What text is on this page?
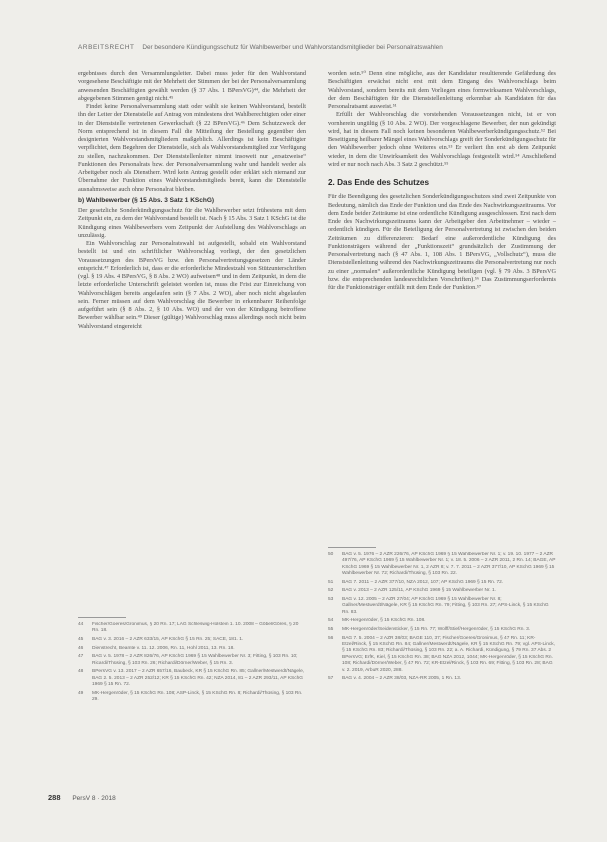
ARBEITSRECHT Der besondere Kündigungsschutz für Wahlbewerber und Wahlvorstandsmitglieder bei Personalratswahlen

ergebnisses durch den Versammlungsleiter. Dabei muss jeder für den Wahlvorstand vorgesehene Beschäftigte mit der Mehrheit der Stimmen der bei der Personalversammlung anwesenden Beschäftigten gewählt werden (§ 37 Abs. 1 BPersVG)⁴⁴, die Mehrheit der abgegebenen Stimmen genügt nicht.⁴⁵

Findet keine Personalversammlung statt oder wählt sie keinen Wahlvorstand, bestellt ihn der Leiter der Dienststelle auf Antrag von mindestens drei Wahlberechtigten oder einer in der Dienststelle vertretenen Gewerkschaft (§ 22 BPersVG).⁴⁶ Dem Schutzzweck der Norm entsprechend ist in diesem Fall die Mitteilung der Bestellung gegenüber den designierten Wahlvorstandsmitgliedern maßgeblich. Allerdings ist kein Beschäftigter verpflichtet, dem Begehren der Dienststelle, sich als Wahlvorstandsmitglied zur Verfügung zu stellen, nachzukommen. Der Dienststellenleiter nimmt insoweit nur „ersatzweise“ Funktionen des Personalrats bzw. der Personalversammlung wahr und handelt weder als Arbeitgeber noch als Dienstherr. Wird kein Antrag gestellt oder erklärt sich niemand zur Übernahme der Funktion eines Wahlvorstandsmitglieds bereit, kann die Dienststelle ausnahmsweise auch ohne Personalrat bleiben.

b) Wahlbewerber (§ 15 Abs. 3 Satz 1 KSchG)

Der gesetzliche Sonderkündigungsschutz für die Wahlbewerber setzt frühestens mit dem Zeitpunkt ein, zu dem der Wahlvorstand bestellt ist. Nach § 15 Abs. 3 Satz 1 KSchG ist die Kündigung eines Wahlbewerbers vom Zeitpunkt der Aufstellung des Wahlvorschlags an unzulässig.

Ein Wahlvorschlag zur Personalratswahl ist aufgestellt, sobald ein Wahlvorstand bestellt ist und ein schriftlicher Wahlvorschlag vorliegt, der den gesetzlichen Voraussetzungen des BPersVG bzw. den Personalvertretungsgesetzen der Länder entspricht.⁴⁷ Erforderlich ist, dass er die erforderliche Mindestzahl von Stützunterschriften (vgl. § 19 Abs. 4 BPersVG, § 8 Abs. 2 WO) aufweisen⁴⁸ und in dem Zeitpunkt, in dem die letzte erforderliche Unterschrift geleistet worden ist, muss die Frist zur Einreichung von Wahlvorschlägen bereits angelaufen sein (§ 7 Abs. 2 WO), aber noch nicht abgelaufen sein. Ferner müssen auf dem Wahlvorschlag die Bewerber in erkennbarer Reihenfolge aufgeführt sein (§ 8 Abs. 2, § 10 Abs. WO) und der von der Kündigung betroffene Bewerber wählbar sein.⁴⁹ Dieser (gültige) Wahlvorschlag muss allerdings noch nicht beim Wahlvorstand eingereicht

worden sein.⁵⁰ Denn eine mögliche, aus der Kandidatur resultierende Gefährdung des Beschäftigten erwächst nicht erst mit dem Eingang des Wahlvorschlags beim Wahlvorstand, sondern bereits mit dem Vorliegen eines formwirksamen Wahlvorschlags, der dem Beschäftigten für die Dienststellenleitung erkennbar als Kandidaten für das Personalratsamt ausweist.⁵¹

Erfüllt der Wahlvorschlag die vorstehenden Voraussetzungen nicht, ist er von vornherein ungültig (§ 10 Abs. 2 WO). Der vorgeschlagene Bewerber, der nun gekündigt wird, hat in diesem Fall noch keinen besonderen Wahlbewerberkündigungsschutz.⁵² Bei Beseitigung heilbarer Mängel eines Wahlvorschlags greift der Sonderkündigungsschutz für den Wahlbewerber jedoch ohne Weiteres ein.⁵³ Er verliert ihn erst ab dem Zeitpunkt wieder, in dem die Unwirksamkeit des Wahlvorschlags festgestellt wird.⁵⁴ Anschließend wird er nur noch nach Abs. 3 Satz 2 geschützt.⁵⁵

2. Das Ende des Schutzes

Für die Beendigung des gesetzlichen Sonderkündigungsschutzes sind zwei Zeitpunkte von Bedeutung, nämlich das Ende der Funktion und das Ende des Nachwirkungszeitraums. Vor dem Ende beider Zeiträume ist eine ordentliche Kündigung ausgeschlossen. Erst nach dem Ende des Nachwirkungszeitraums kann der Arbeitgeber den Arbeitnehmer – wieder – ordentlich kündigen. Für die Beteiligung der Personalvertretung ist zwischen den beiden Zeiträumen zu differenzieren: Bedarf eine außerordentliche Kündigung des Funktionsträgers während der „Funktionszeit“ grundsätzlich der Zustimmung der Personalvertretung nach (§ 47 Abs. 1, 108 Abs. 1 BPersVG, „Vollschutz“), muss die Dienststellenleitung während des Nachwirkungszeitraums die Personalvertretung nur noch zu einer „normalen“ außerordentliche Kündigung beteiligen (vgl. § 79 Abs. 3 BPersVG bzw. die entsprechenden landesrechtlichen Vorschriften).⁵⁶ Das Zustimmungserfordernis für die Funktionsträger entfällt mit dem Ende der Funktion.⁵⁷

44	Fischer/Goeres/Gronimus, § 20 Rn. 17; LAG Schleswig-Holstein 1. 10. 2008 – Göbel/Göres, § 20 Rn. 18.
45	BAG v. 3. 2016 – 2 AZR 633/15, AP KSchG § 15 Rn. 25; SACE, 181. 1.
46	Dienstrecht, Beamte v. 11. 12. 2006, Rn. 11, Hohl 2011, 13. Rn. 18.
47	BAG v. 5. 1978 – 2 AZR 826/76, AP KSchG 1969 § 15 Wahlbewerber Nr. 3; Fitting, § 103 Rn. 10; Ricardi/Thüsing, § 103 Rn. 26; Richardi/Dörner/Weber, § 15 Rn. 3.
48	BPersVG v. 13. 2017 – 2 AZR 657/16, Baubeck, KR § 15 KSchG Rn. 85; Gallner/Mestwerdt/Nägele, BAG 2. 5. 2013 – 2 AZR 252/12; KR § 15 KSchG Rn. 42; NZA 2014, 81 – 2 AZR 293/11, AP KSchG 1969 § 15 Rn. 72.
49	MK-Hergenröder, § 15 KSchG Rn. 108; ASP-Linck, § 15 KSchG Rn. 8; Richardi/Thüsing, § 103 Rn. 29.
50	BAG v. 5. 1976 – 2 AZR 226/76, AP KSchG 1969 § 15 Wahlbewerber Nr. 1; v. 19. 10. 1977 – 2 AZR 497/76, AP KSchG 1969 § 15 Wahlbewerber Nr. 1; v. 18. 5. 2006 – 2 AZR 2011, 2 Rn. 14; BAGE, AP KSchG 1969 § 15 Wahlbewerber Nr. 1, 2 AZR 8; v. 7. 7. 2011 – 2 AZR 377/10, AP KSchG 1969 § 15 Wahlbewerber Nr. 72; Richardi/Thüsing, § 103 Rn. 22.
51	BAG 7. 2011 – 2 AZR 377/10, NZA 2012, 107; AP KSchG 1969 § 15 Rn. 72.
52	BAG v. 2013 – 2 AZR 125/11, AP KSchG 1969 § 15 Wahlbewerber Nr. 1.
53	BAG v. 12. 2005 – 2 AZR 27/04; AP KSchG 1969 § 15 Wahlbewerber Nr. 8; Gallner/Mestwerdt/Nägele, KR § 15 KSchG Rn. 79; Fitting, § 103 Rn. 27; APS-Linck, § 15 KSchG Rn. 83.
54	MK-Hergenröder, § 15 KSchG Rn. 108.
55	MK-Hergenröder/Seidensticker, § 15 Rn. 77; Wolff/Stief/Hergenröder, § 15 KSchG Rn. 3.
56	BAG 7. 5. 2004 – 2 AZR 38/03; BAGE 110, 37; Fischer/Goeres/Gronimus, § 47 Rn. 11; KR-Etzel/Rinck, § 15 KSchG Rn. 84; Gallner/Mestwerdt/Nägele, KR § 15 KSchG Rn. 79; vgl. APS-Linck, § 15 KSchG Rn. 83; Richardi/Thüsing, § 103 Rn. 22; a. A. Richardi, Kündigung, § 79 Rn. 37 Abs. 2 BPersVG; ErfK, Kiel, § 15 KSchG Rn. 38; BAG NZA 2012, 1044; MK-Hergenröder, § 15 KSchG Rn. 108; Richardi/Dörner/Weber, § 47 Rn. 72; KR-Etzel/Rinck, § 103 Rn. 69; Fitting, § 103 Rn. 28; BAG v. 2. 2019, ArbuR 2020, 288.
57	BAG v. 4. 2004 – 2 AZR 38/03, NZA-RR 2005, 1 Rn. 13.
288 PersV 8 · 2018
